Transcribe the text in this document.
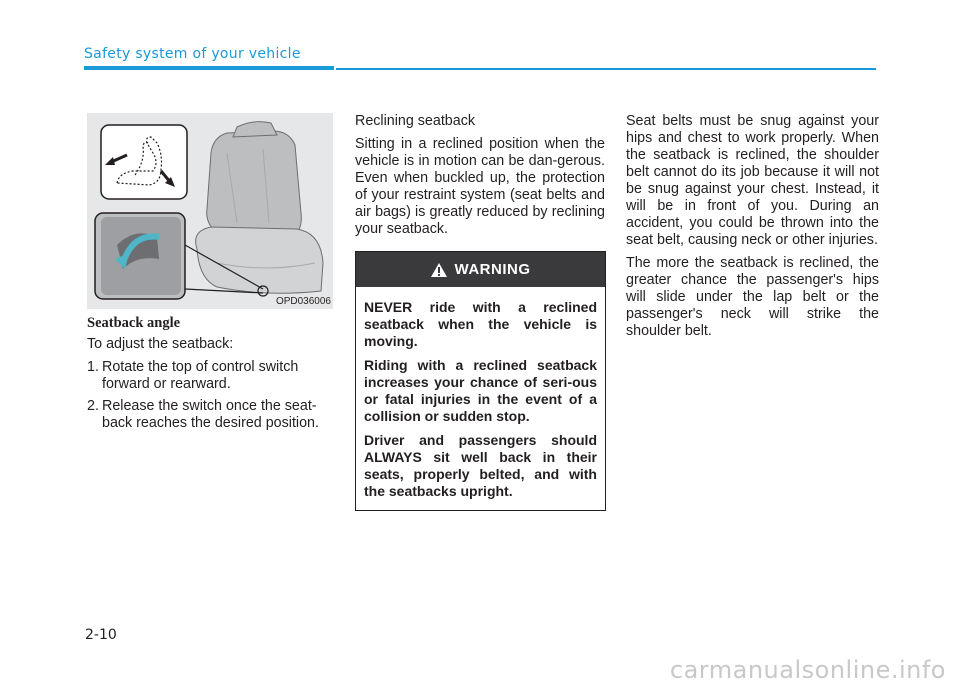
Safety system of your vehicle
OPD036006
Seatback angle

To adjust the seatback:

1. Rotate the top of control switch forward or rearward.
2. Release the switch once the seat-back reaches the desired position.

Reclining seatback

Sitting in a reclined position when the vehicle is in motion can be dan-gerous. Even when buckled up, the protection of your restraint system (seat belts and air bags) is greatly reduced by reclining your seatback.

WARNING

NEVER ride with a reclined seatback when the vehicle is moving.

Riding with a reclined seatback increases your chance of seri-ous or fatal injuries in the event of a collision or sudden stop.

Driver and passengers should ALWAYS sit well back in their seats, properly belted, and with the seatbacks upright.

Seat belts must be snug against your hips and chest to work properly. When the seatback is reclined, the shoulder belt cannot do its job because it will not be snug against your chest. Instead, it will be in front of you. During an accident, you could be thrown into the seat belt, causing neck or other injuries.

The more the seatback is reclined, the greater chance the passenger's hips will slide under the lap belt or the passenger's neck will strike the shoulder belt.

2-10
carmanualsonline.info
